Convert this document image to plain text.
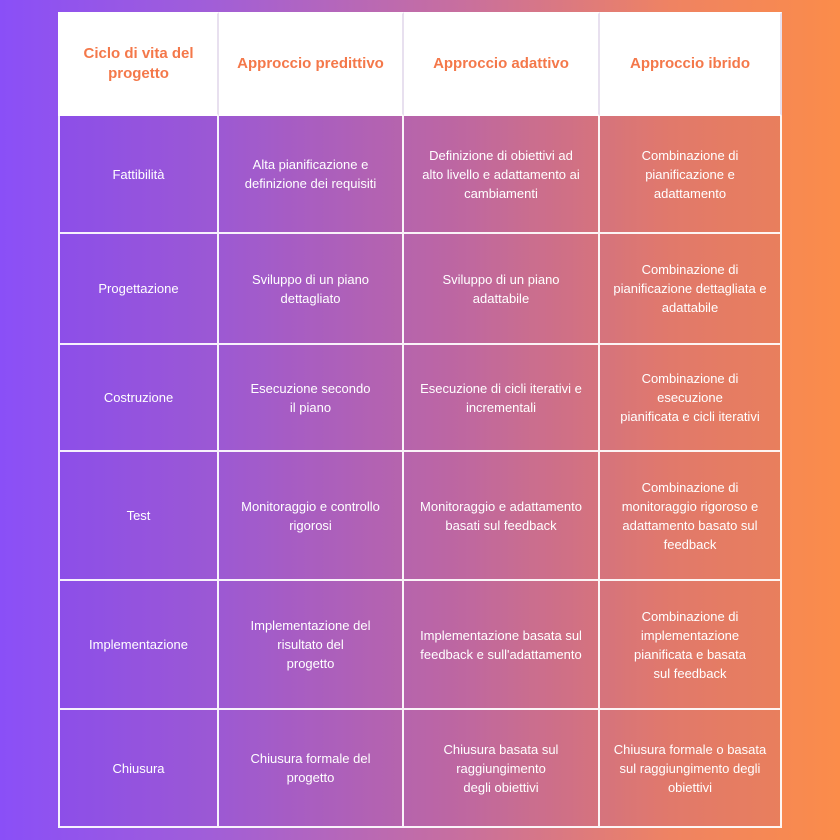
Ciclo di vita del
progetto
Approccio predittivo	Approccio adattivo	Approccio ibrido
Fattibilità
Alta pianificazione e
definizione dei requisiti
Definizione di obiettivi ad
alto livello e adattamento ai
cambiamenti
Combinazione di
pianificazione e
adattamento
Progettazione
Sviluppo di un piano
dettagliato
Sviluppo di un piano
adattabile
Combinazione di
pianificazione dettagliata e
adattabile
Costruzione
Esecuzione secondo
il piano
Esecuzione di cicli iterativi e
incrementali
Combinazione di
esecuzione
pianificata e cicli iterativi
Test
Monitoraggio e controllo
rigorosi
Monitoraggio e adattamento
basati sul feedback
Combinazione di
monitoraggio rigoroso e
adattamento basato sul
feedback
Implementazione
Implementazione del
risultato del
progetto
Implementazione basata sul
feedback e sull'adattamento
Combinazione di
implementazione
pianificata e basata
sul feedback
Chiusura
Chiusura formale del
progetto
Chiusura basata sul
raggiungimento
degli obiettivi
Chiusura formale o basata
sul raggiungimento degli
obiettivi
